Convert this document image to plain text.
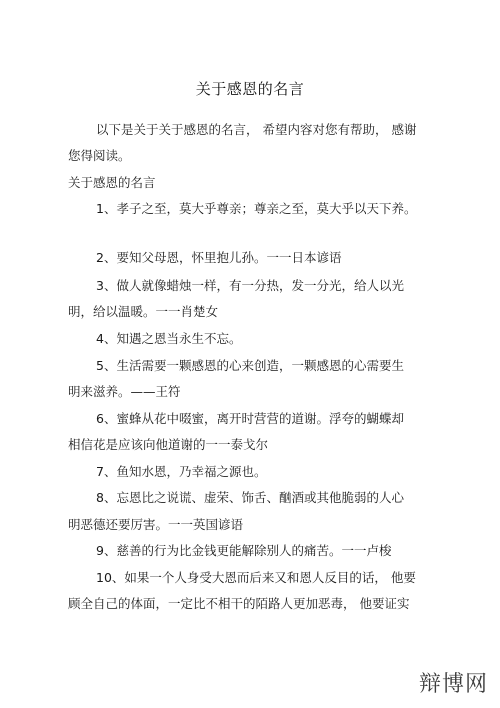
关于感恩的名言
以下是关于关于感恩的名言， 希望内容对您有帮助， 感谢
您得阅读。
关于感恩的名言
1、孝子之至，莫大乎尊亲；尊亲之至，莫大乎以天下养。
2、要知父母恩，怀里抱儿孙。一一日本谚语
3、做人就像蜡烛一样，有一分热，发一分光，给人以光
明，给以温暖。一一肖楚女
4、知遇之恩当永生不忘。
5、生活需要一颗感恩的心来创造，一颗感恩的心需要生
明来滋养。——王符
6、蜜蜂从花中啜蜜，离开时营营的道谢。浮夸的蝴蝶却
相信花是应该向他道谢的一一泰戈尔
7、鱼知水恩，乃幸福之源也。
8、忘恩比之说谎、虚荣、饰舌、酗酒或其他脆弱的人心
明恶德还要厉害。一一英国谚语
9、慈善的行为比金钱更能解除别人的痛苦。一一卢梭
10、如果一个人身受大恩而后来又和恩人反目的话， 他要
顾全自己的体面，一定比不相干的陌路人更加恶毒， 他要证实
辩博网
